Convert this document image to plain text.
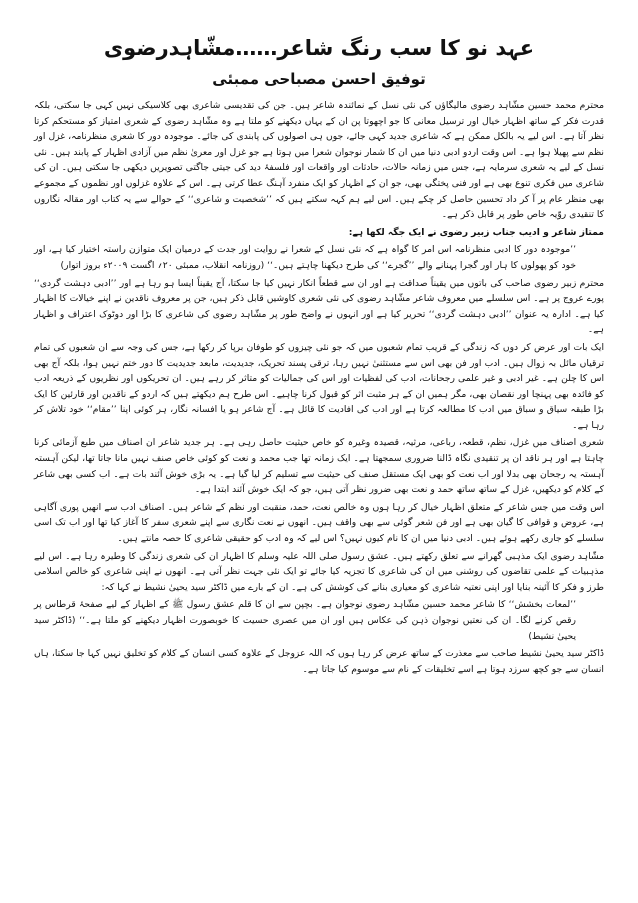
عہد نو کا سب رنگ شاعر……مشّاہدرضوی
توفیق احسن مصباحی ممبئی
محترم محمد حسین مشّاہد رضوی مالیگاؤں کی نئی نسل کے نمائندہ شاعر ہیں۔ جن کی تقدیسی شاعری بھی کلاسیکی نہیں کہی جا سکتی، بلکہ قدرت فکر کے ساتھ اظہار خیال اور ترسیل معانی کا جو اچھوتا پن ان کے یہاں دیکھنے کو ملتا ہے وہ مشّاہد رضوی کے شعری امتیاز کو مستحکم کرتا نظر آتا ہے۔ اس لیے یہ بالکل ممکن ہے کہ شاعری جدید کہی جائے، جوں ہی اصولوں کی پابندی کی جائے۔ موجودہ دور کا شعری منظرنامہ، غزل اور نظم سے پھیلا ہوا ہے۔ اس وقت اردو ادبی دنیا میں ان کا شمار نوجوان شعرا میں ہوتا ہے جو غزل اور معریٰ نظم میں آزادی اظہار کے پابند ہیں۔ نئی نسل کے لیے یہ شعری سرمایہ ہے، جس میں زمانہ حالات، حادثات اور واقعات اور فلسفۂ دید کی جیتی جاگتی تصویریں دیکھی جا سکتی ہیں۔ ان کی شاعری میں فکری تنوع بھی ہے اور فنی پختگی بھی، جو ان کے اظہار کو ایک منفرد آہنگ عطا کرتی ہے۔ اس کے علاوہ غزلوں اور نظموں کے مجموعے بھی منظر عام پر آ کر داد تحسین حاصل کر چکے ہیں۔ اس لیے ہم کہہ سکتے ہیں کہ ’’شخصیت و شاعری‘‘ کے حوالے سے یہ کتاب اور مقالہ نگاروں کا تنقیدی روّیہ خاص طور پر قابل ذکر ہے۔
ممتاز شاعر و ادیب جناب زبیر رضوی نے ایک جگہ لکھا ہے:
’’موجودہ دور کا ادبی منظرنامہ اس امر کا گواہ ہے کہ نئی نسل کے شعرا نے روایت اور جدت کے درمیان ایک متوازن راستہ اختیار کیا ہے، اور خود کو پھولوں کا ہار اور گجرا پہنانے والے ’’گجرے‘‘ کی طرح دیکھنا چاہتے ہیں۔‘‘ (روزنامہ انقلاب، ممبئی ۲۰؍ اگست ۲۰۰۹ء بروز اتوار)
محترم زبیر رضوی صاحب کی باتوں میں یقیناً صداقت ہے اور ان سے قطعاً انکار نہیں کیا جا سکتا، آج یقیناً ایسا ہو رہا ہے اور ’’ادبی دہشت گردی‘‘ پورے عروج پر ہے۔ اس سلسلے میں معروف شاعر مشّاہد رضوی کی نئی شعری کاوشیں قابل ذکر ہیں، جن پر معروف ناقدین نے اپنے خیالات کا اظہار کیا ہے۔ ادارہ یہ عنوان ’’ادبی دہشت گردی‘‘ تحریر کیا ہے اور انہوں نے واضح طور پر مشّاہد رضوی کی شاعری کا بڑا اور دوٹوک اعتراف و اظہار ہے۔
ایک بات اور عرض کر دوں کہ زندگی کے قریب تمام شعبوں میں کہ جو نئی چیزوں کو طوفان برپا کر رکھا ہے، جس کی وجہ سے ان شعبوں کی تمام ترقیاں مائل بہ زوال ہیں۔ ادب اور فن بھی اس سے مستثنیٰ نہیں رہا، ترقی پسند تحریک، جدیدیت، مابعد جدیدیت کا دور ختم نہیں ہوا، بلکہ آج بھی اس کا چلن ہے۔ غیر ادبی و غیر علمی رجحانات، ادب کی لفظیات اور اس کی جمالیات کو متاثر کر رہے ہیں۔ ان تحریکوں اور نظریوں کے ذریعہ ادب کو فائدہ بھی پہنچا اور نقصان بھی، مگر ہمیں ان کے ہر مثبت اثر کو قبول کرنا چاہیے۔ اس طرح ہم دیکھتے ہیں کہ اردو کے ناقدین اور قارئین کا ایک بڑا طبقہ سیاق و سباق میں ادب کا مطالعہ کرتا ہے اور ادب کی افادیت کا قائل ہے۔ آج شاعر ہو یا افسانہ نگار، ہر کوئی اپنا ’’مقام‘‘ خود تلاش کر رہا ہے۔
شعری اصناف میں غزل، نظم، قطعہ، رباعی، مرثیہ، قصیدہ وغیرہ کو خاص حیثیت حاصل رہی ہے۔ ہر جدید شاعر ان اصناف میں طبع آزمائی کرنا چاہتا ہے اور ہر ناقد ان پر تنقیدی نگاہ ڈالنا ضروری سمجھتا ہے۔ ایک زمانہ تھا جب محمد و نعت کو کوئی خاص صنف نہیں مانا جاتا تھا، لیکن آہستہ آہستہ یہ رجحان بھی بدلا اور اب نعت کو بھی ایک مستقل صنف کی حیثیت سے تسلیم کر لیا گیا ہے۔ یہ بڑی خوش آئند بات ہے۔ اب کسی بھی شاعر کے کلام کو دیکھیں، غزل کے ساتھ ساتھ حمد و نعت بھی ضرور نظر آتی ہیں، جو کہ ایک خوش آئند ابتدا ہے۔
اس وقت میں جس شاعر کے متعلق اظہار خیال کر رہا ہوں وہ خالص نعت، حمد، منقبت اور نظم کے شاعر ہیں۔ اصناف ادب سے انھیں پوری آگاہی ہے، عروض و قوافی کا گیان بھی ہے اور فن شعر گوئی سے بھی واقف ہیں۔ انھوں نے نعت نگاری سے اپنے شعری سفر کا آغاز کیا تھا اور اب تک اسی سلسلے کو جاری رکھے ہوئے ہیں۔ ادبی دنیا میں ان کا نام کیوں نہیں؟ اس لیے کہ وہ ادب کو حقیقی شاعری کا حصہ مانتے ہیں۔
مشّاہد رضوی ایک مذہبی گھرانے سے تعلق رکھتے ہیں۔ عشق رسول صلی اللہ علیہ وسلم کا اظہار ان کی شعری زندگی کا وطیرہ رہا ہے۔ اس لیے مذہبیات کے علمی تقاضوں کی روشنی میں ان کی شاعری کا تجزیہ کیا جائے تو ایک نئی جہت نظر آتی ہے۔ انھوں نے اپنی شاعری کو خالص اسلامی طرز و فکر کا آئینہ بنایا اور اپنی نعتیہ شاعری کو معیاری بنانے کی کوشش کی ہے۔ ان کے بارے میں ڈاکٹر سید یحییٰ نشیط نے کہا کہ:
’’لمعات بخشش‘‘ کا شاعر محمد حسین مشّاہد رضوی نوجوان ہے۔ بچپن سے ان کا قلم عشق رسول ﷺ کے اظہار کے لیے صفحۂ قرطاس پر رقص کرنے لگا۔ ان کی نعتیں نوجوان ذہن کی عکاس ہیں اور ان میں عصری حسیت کا خوبصورت اظہار دیکھنے کو ملتا ہے۔‘‘ (ڈاکٹر سید یحییٰ نشیط)
ڈاکٹر سید یحییٰ نشیط صاحب سے معذرت کے ساتھ عرض کر رہا ہوں کہ اللہ عزوجل کے علاوہ کسی انسان کے کلام کو تخلیق نہیں کہا جا سکتا، ہاں انسان سے جو کچھ سرزد ہوتا ہے اسے تخلیقات کے نام سے موسوم کیا جاتا ہے۔
